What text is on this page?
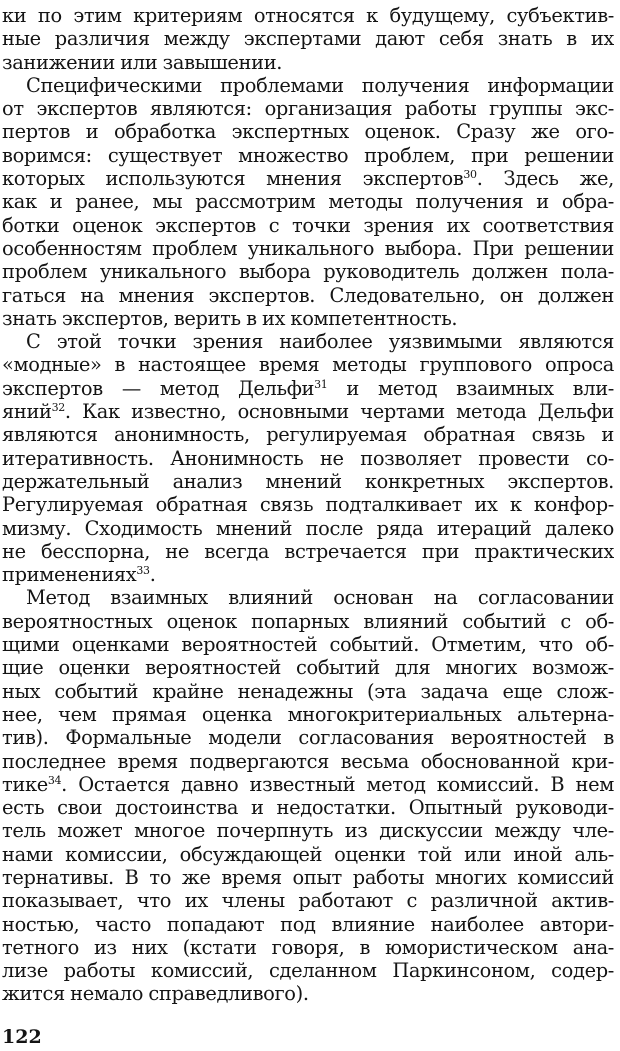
ки по этим критериям относятся к будущему, субъектив-
ные различия между экспертами дают себя знать в их
занижении или завышении.
Специфическими проблемами получения информации
от экспертов являются: организация работы группы экс-
пертов и обработка экспертных оценок. Сразу же ого-
воримся: существует множество проблем, при решении
которых используются мнения экспертов$^{30}$. Здесь же,
как и ранее, мы рассмотрим методы получения и обра-
ботки оценок экспертов с точки зрения их соответствия
особенностям проблем уникального выбора. При решении
проблем уникального выбора руководитель должен пола-
гаться на мнения экспертов. Следовательно, он должен
знать экспертов, верить в их компетентность.
С этой точки зрения наиболее уязвимыми являются
«модные» в настоящее время методы группового опроса
экспертов — метод Дельфи$^{31}$ и метод взаимных вли-
яний$^{32}$. Как известно, основными чертами метода Дельфи
являются анонимность, регулируемая обратная связь и
итеративность. Анонимность не позволяет провести со-
держательный анализ мнений конкретных экспертов.
Регулируемая обратная связь подталкивает их к конфор-
мизму. Сходимость мнений после ряда итераций далеко
не бесспорна, не всегда встречается при практических
применениях$^{33}$.
Метод взаимных влияний основан на согласовании
вероятностных оценок попарных влияний событий с об-
щими оценками вероятностей событий. Отметим, что об-
щие оценки вероятностей событий для многих возмож-
ных событий крайне ненадежны (эта задача еще слож-
нее, чем прямая оценка многокритериальных альтерна-
тив). Формальные модели согласования вероятностей в
последнее время подвергаются весьма обоснованной кри-
тике$^{34}$. Остается давно известный метод комиссий. В нем
есть свои достоинства и недостатки. Опытный руководи-
тель может многое почерпнуть из дискуссии между чле-
нами комиссии, обсуждающей оценки той или иной аль-
тернативы. В то же время опыт работы многих комиссий
показывает, что их члены работают с различной актив-
ностью, часто попадают под влияние наиболее автори-
тетного из них (кстати говоря, в юмористическом ана-
лизе работы комиссий, сделанном Паркинсоном, содер-
жится немало справедливого).
122
